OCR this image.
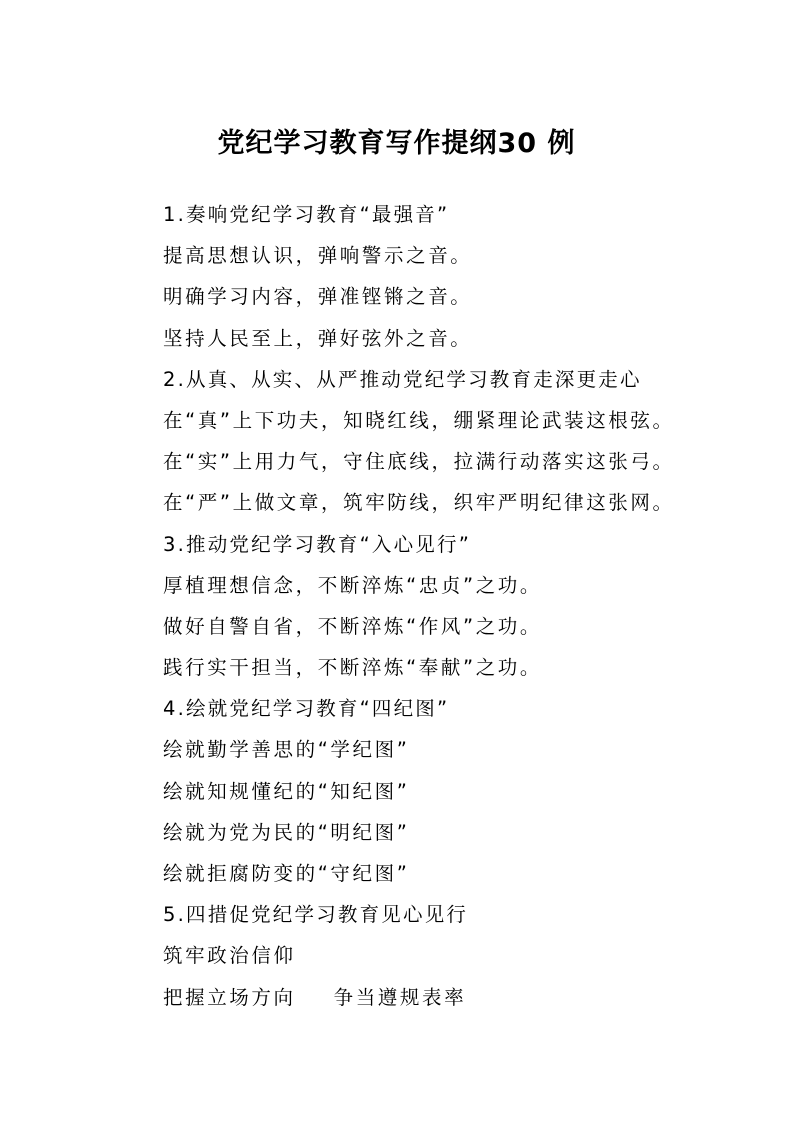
党纪学习教育写作提纲30 例
1.奏响党纪学习教育“最强音”
提高思想认识，弹响警示之音。
明确学习内容，弹准铿锵之音。
坚持人民至上，弹好弦外之音。
2.从真、从实、从严推动党纪学习教育走深更走心
在“真”上下功夫，知晓红线，绷紧理论武装这根弦。
在“实”上用力气，守住底线，拉满行动落实这张弓。
在“严”上做文章，筑牢防线，织牢严明纪律这张网。
3.推动党纪学习教育“入心见行”
厚植理想信念，不断淬炼“忠贞”之功。
做好自警自省，不断淬炼“作风”之功。
践行实干担当，不断淬炼“奉献”之功。
4.绘就党纪学习教育“四纪图”
绘就勤学善思的“学纪图”
绘就知规懂纪的“知纪图”
绘就为党为民的“明纪图”
绘就拒腐防变的“守纪图”
5.四措促党纪学习教育见心见行
筑牢政治信仰
把握立场方向 争当遵规表率
